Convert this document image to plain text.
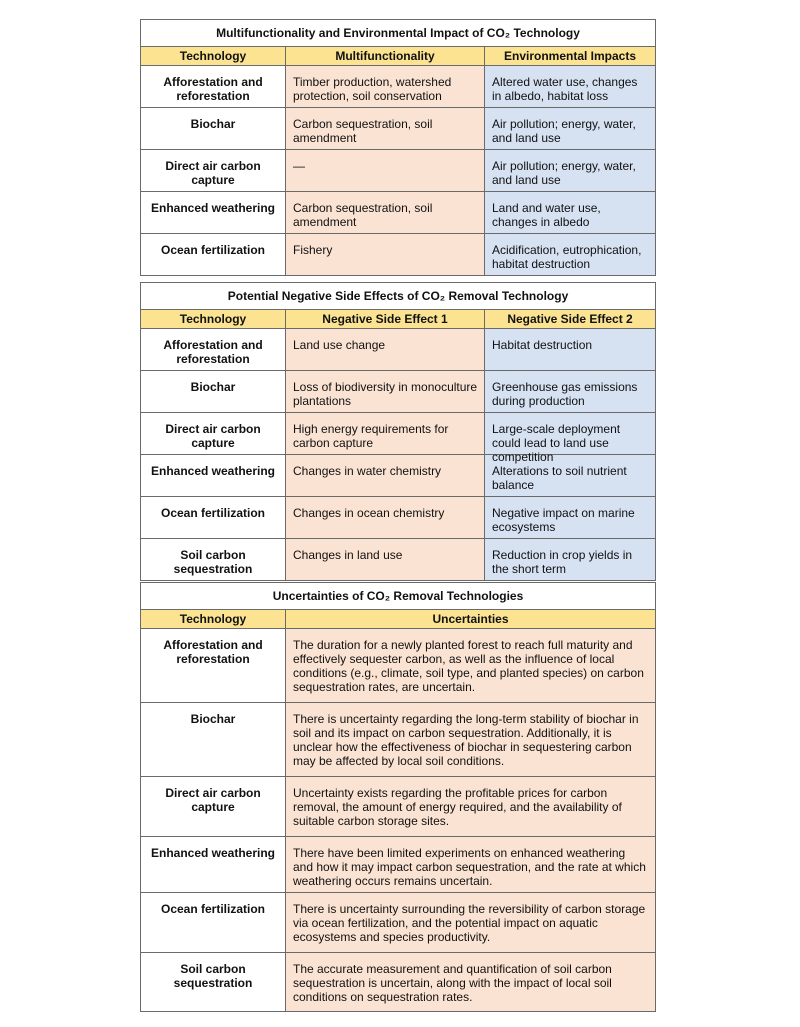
Multifunctionality and Environmental Impact of CO₂ Technology		
Technology	Multifunctionality	Environmental Impacts
Afforestation and reforestation	Timber production, watershed protection, soil conservation	Altered water use, changes in albedo, habitat loss
Biochar	Carbon sequestration, soil amendment	Air pollution; energy, water, and land use
Direct air carbon capture	—	Air pollution; energy, water, and land use
Enhanced weathering	Carbon sequestration, soil amendment	Land and water use, changes in albedo
Ocean fertilization	Fishery	Acidification, eutrophication, habitat destruction
Potential Negative Side Effects of CO₂ Removal Technology		
Technology	Negative Side Effect 1	Negative Side Effect 2
Afforestation and reforestation	Land use change	Habitat destruction
Biochar	Loss of biodiversity in monoculture plantations	Greenhouse gas emissions during production
Direct air carbon capture	High energy requirements for carbon capture	Large-scale deployment could lead to land use competition

Enhanced weathering	Changes in water chemistry	Alterations to soil nutrient balance
Ocean fertilization	Changes in ocean chemistry	Negative impact on marine ecosystems
Soil carbon sequestration	Changes in land use	Reduction in crop yields in the short term
Uncertainties of CO₂ Removal Technologies	
Technology	Uncertainties
Afforestation and reforestation	The duration for a newly planted forest to reach full maturity and effectively sequester carbon, as well as the influence of local conditions (e.g., climate, soil type, and planted species) on carbon sequestration rates, are uncertain.
Biochar	There is uncertainty regarding the long-term stability of biochar in soil and its impact on carbon sequestration. Additionally, it is unclear how the effectiveness of biochar in sequestering carbon may be affected by local soil conditions.
Direct air carbon capture	Uncertainty exists regarding the profitable prices for carbon removal, the amount of energy required, and the availability of suitable carbon storage sites.
Enhanced weathering	There have been limited experiments on enhanced weathering and how it may impact carbon sequestration, and the rate at which weathering occurs remains uncertain.
Ocean fertilization	There is uncertainty surrounding the reversibility of carbon storage via ocean fertilization, and the potential impact on aquatic ecosystems and species productivity.
Soil carbon sequestration	The accurate measurement and quantification of soil carbon sequestration is uncertain, along with the impact of local soil conditions on sequestration rates.
